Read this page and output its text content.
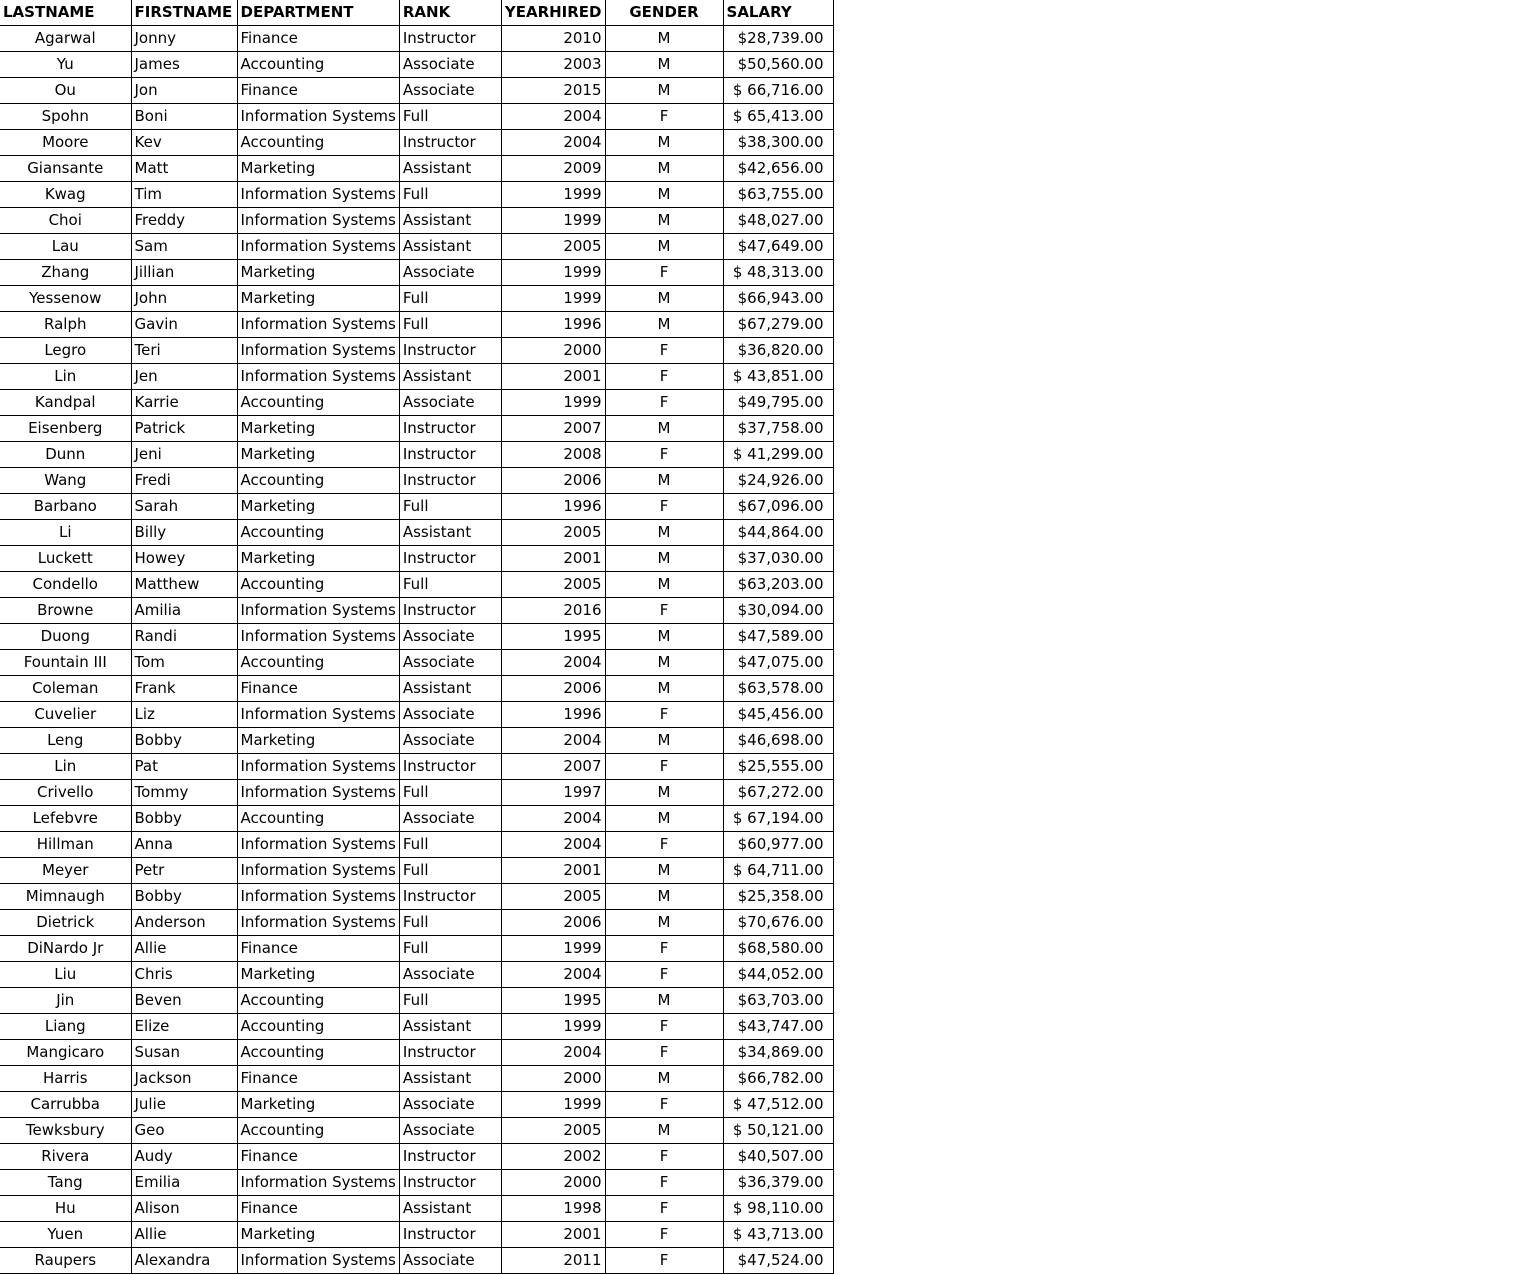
LASTNAME	FIRSTNAME	DEPARTMENT	RANK	YEARHIRED	GENDER	SALARY
Agarwal	Jonny	Finance	Instructor	2010	M	$28,739.00
Yu	James	Accounting	Associate	2003	M	$50,560.00
Ou	Jon	Finance	Associate	2015	M	$ 66,716.00
Spohn	Boni	Information Systems	Full	2004	F	$ 65,413.00
Moore	Kev	Accounting	Instructor	2004	M	$38,300.00
Giansante	Matt	Marketing	Assistant	2009	M	$42,656.00
Kwag	Tim	Information Systems	Full	1999	M	$63,755.00
Choi	Freddy	Information Systems	Assistant	1999	M	$48,027.00
Lau	Sam	Information Systems	Assistant	2005	M	$47,649.00
Zhang	Jillian	Marketing	Associate	1999	F	$ 48,313.00
Yessenow	John	Marketing	Full	1999	M	$66,943.00
Ralph	Gavin	Information Systems	Full	1996	M	$67,279.00
Legro	Teri	Information Systems	Instructor	2000	F	$36,820.00
Lin	Jen	Information Systems	Assistant	2001	F	$ 43,851.00
Kandpal	Karrie	Accounting	Associate	1999	F	$49,795.00
Eisenberg	Patrick	Marketing	Instructor	2007	M	$37,758.00
Dunn	Jeni	Marketing	Instructor	2008	F	$ 41,299.00
Wang	Fredi	Accounting	Instructor	2006	M	$24,926.00
Barbano	Sarah	Marketing	Full	1996	F	$67,096.00
Li	Billy	Accounting	Assistant	2005	M	$44,864.00
Luckett	Howey	Marketing	Instructor	2001	M	$37,030.00
Condello	Matthew	Accounting	Full	2005	M	$63,203.00
Browne	Amilia	Information Systems	Instructor	2016	F	$30,094.00
Duong	Randi	Information Systems	Associate	1995	M	$47,589.00
Fountain III	Tom	Accounting	Associate	2004	M	$47,075.00
Coleman	Frank	Finance	Assistant	2006	M	$63,578.00
Cuvelier	Liz	Information Systems	Associate	1996	F	$45,456.00
Leng	Bobby	Marketing	Associate	2004	M	$46,698.00
Lin	Pat	Information Systems	Instructor	2007	F	$25,555.00
Crivello	Tommy	Information Systems	Full	1997	M	$67,272.00
Lefebvre	Bobby	Accounting	Associate	2004	M	$ 67,194.00
Hillman	Anna	Information Systems	Full	2004	F	$60,977.00
Meyer	Petr	Information Systems	Full	2001	M	$ 64,711.00
Mimnaugh	Bobby	Information Systems	Instructor	2005	M	$25,358.00
Dietrick	Anderson	Information Systems	Full	2006	M	$70,676.00
DiNardo Jr	Allie	Finance	Full	1999	F	$68,580.00
Liu	Chris	Marketing	Associate	2004	F	$44,052.00
Jin	Beven	Accounting	Full	1995	M	$63,703.00
Liang	Elize	Accounting	Assistant	1999	F	$43,747.00
Mangicaro	Susan	Accounting	Instructor	2004	F	$34,869.00
Harris	Jackson	Finance	Assistant	2000	M	$66,782.00
Carrubba	Julie	Marketing	Associate	1999	F	$ 47,512.00
Tewksbury	Geo	Accounting	Associate	2005	M	$ 50,121.00
Rivera	Audy	Finance	Instructor	2002	F	$40,507.00
Tang	Emilia	Information Systems	Instructor	2000	F	$36,379.00
Hu	Alison	Finance	Assistant	1998	F	$ 98,110.00
Yuen	Allie	Marketing	Instructor	2001	F	$ 43,713.00
Raupers	Alexandra	Information Systems	Associate	2011	F	$47,524.00
